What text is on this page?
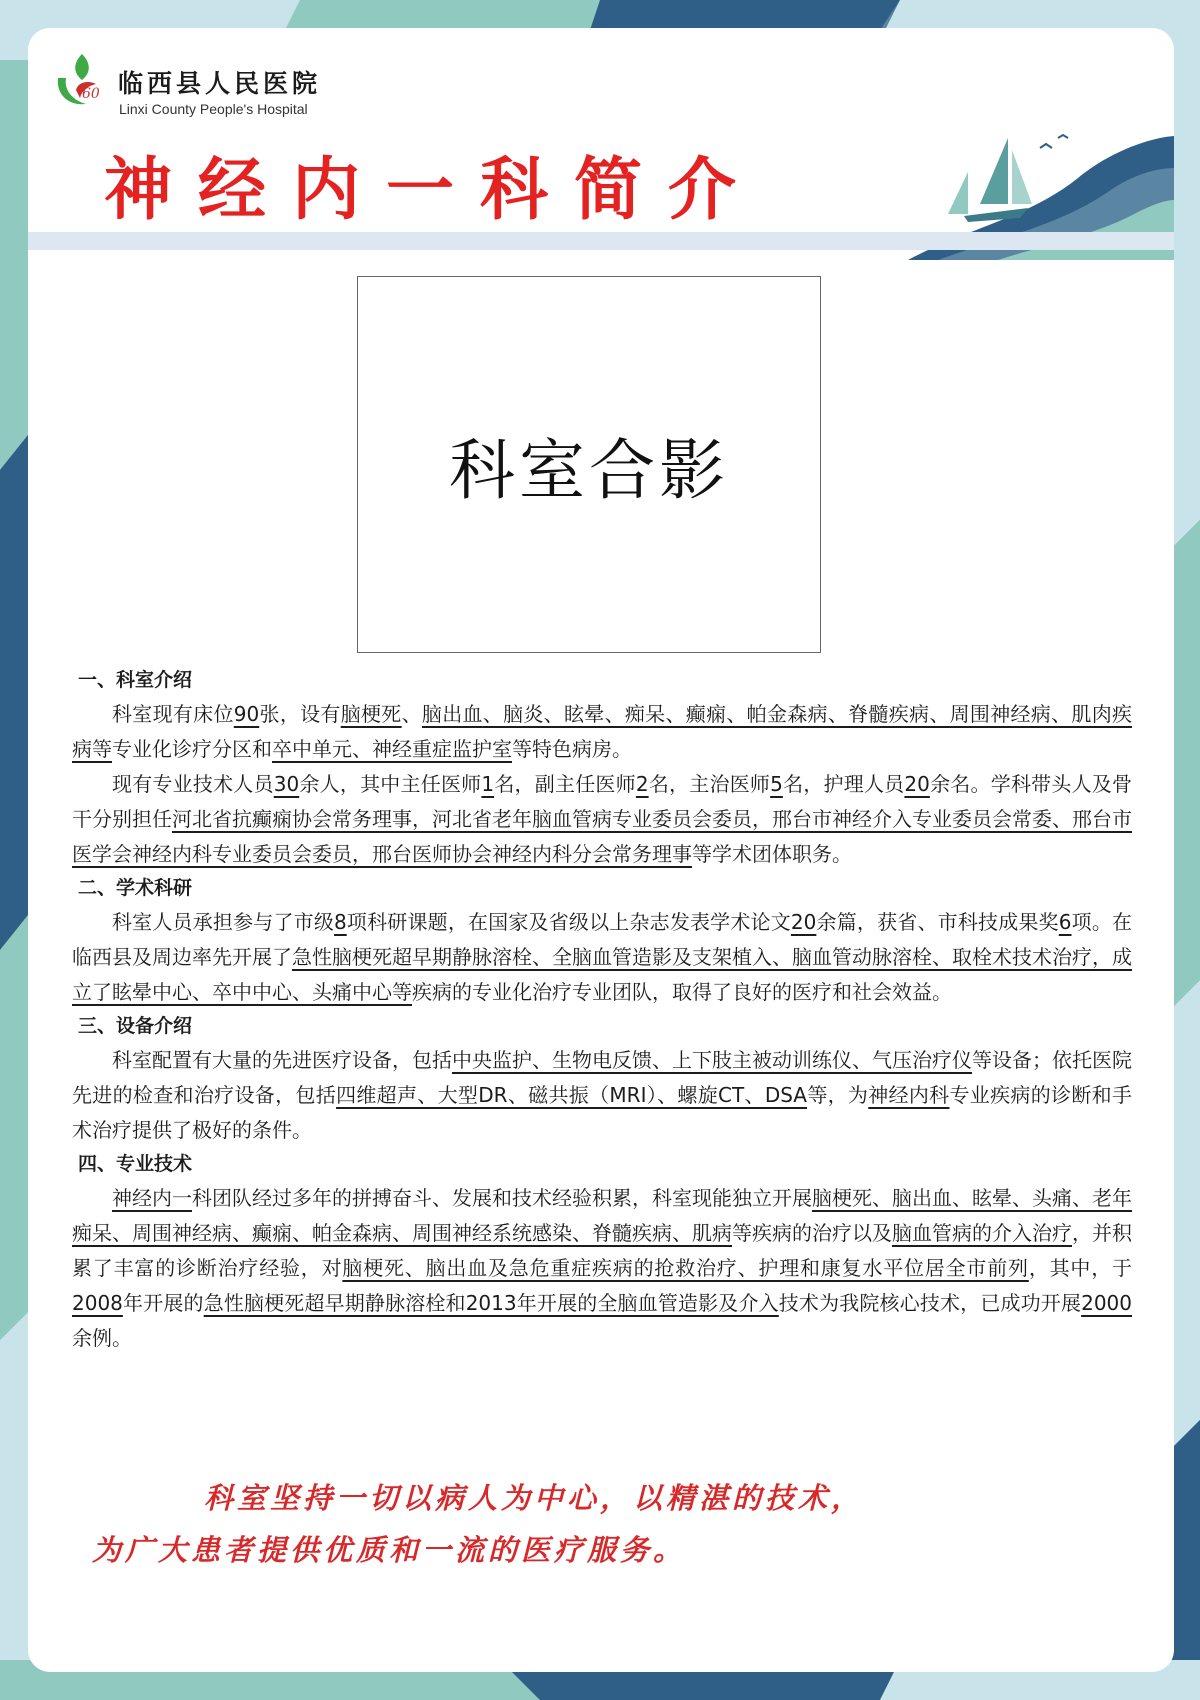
60 临西县人民医院
Linxi County People's Hospital
神经内一科简介
科室合影
一、科室介绍

科室现有床位90张，设有脑梗死、脑出血、脑炎、眩晕、痴呆、癫痫、帕金森病、脊髓疾病、周围神经病、肌肉疾病等专业化诊疗分区和卒中单元、神经重症监护室等特色病房。

现有专业技术人员30余人，其中主任医师1名，副主任医师2名，主治医师5名，护理人员20余名。学科带头人及骨干分别担任河北省抗癫痫协会常务理事，河北省老年脑血管病专业委员会委员，邢台市神经介入专业委员会常委、邢台市医学会神经内科专业委员会委员，邢台医师协会神经内科分会常务理事等学术团体职务。

二、学术科研

科室人员承担参与了市级8项科研课题，在国家及省级以上杂志发表学术论文20余篇，获省、市科技成果奖6项。在临西县及周边率先开展了急性脑梗死超早期静脉溶栓、全脑血管造影及支架植入、脑血管动脉溶栓、取栓术技术治疗，成立了眩晕中心、卒中中心、头痛中心等疾病的专业化治疗专业团队，取得了良好的医疗和社会效益。

三、设备介绍

科室配置有大量的先进医疗设备，包括中央监护、生物电反馈、上下肢主被动训练仪、气压治疗仪等设备；依托医院先进的检查和治疗设备，包括四维超声、大型DR、磁共振（MRI）、螺旋CT、DSA等，为神经内科专业疾病的诊断和手术治疗提供了极好的条件。

四、专业技术

神经内一科团队经过多年的拼搏奋斗、发展和技术经验积累，科室现能独立开展脑梗死、脑出血、眩晕、头痛、老年痴呆、周围神经病、癫痫、帕金森病、周围神经系统感染、脊髓疾病、肌病等疾病的治疗以及脑血管病的介入治疗，并积累了丰富的诊断治疗经验，对脑梗死、脑出血及急危重症疾病的抢救治疗、护理和康复水平位居全市前列，其中，于2008年开展的急性脑梗死超早期静脉溶栓和2013年开展的全脑血管造影及介入技术为我院核心技术，已成功开展2000余例。

科室坚持一切以病人为中心，以精湛的技术，
为广大患者提供优质和一流的医疗服务。
